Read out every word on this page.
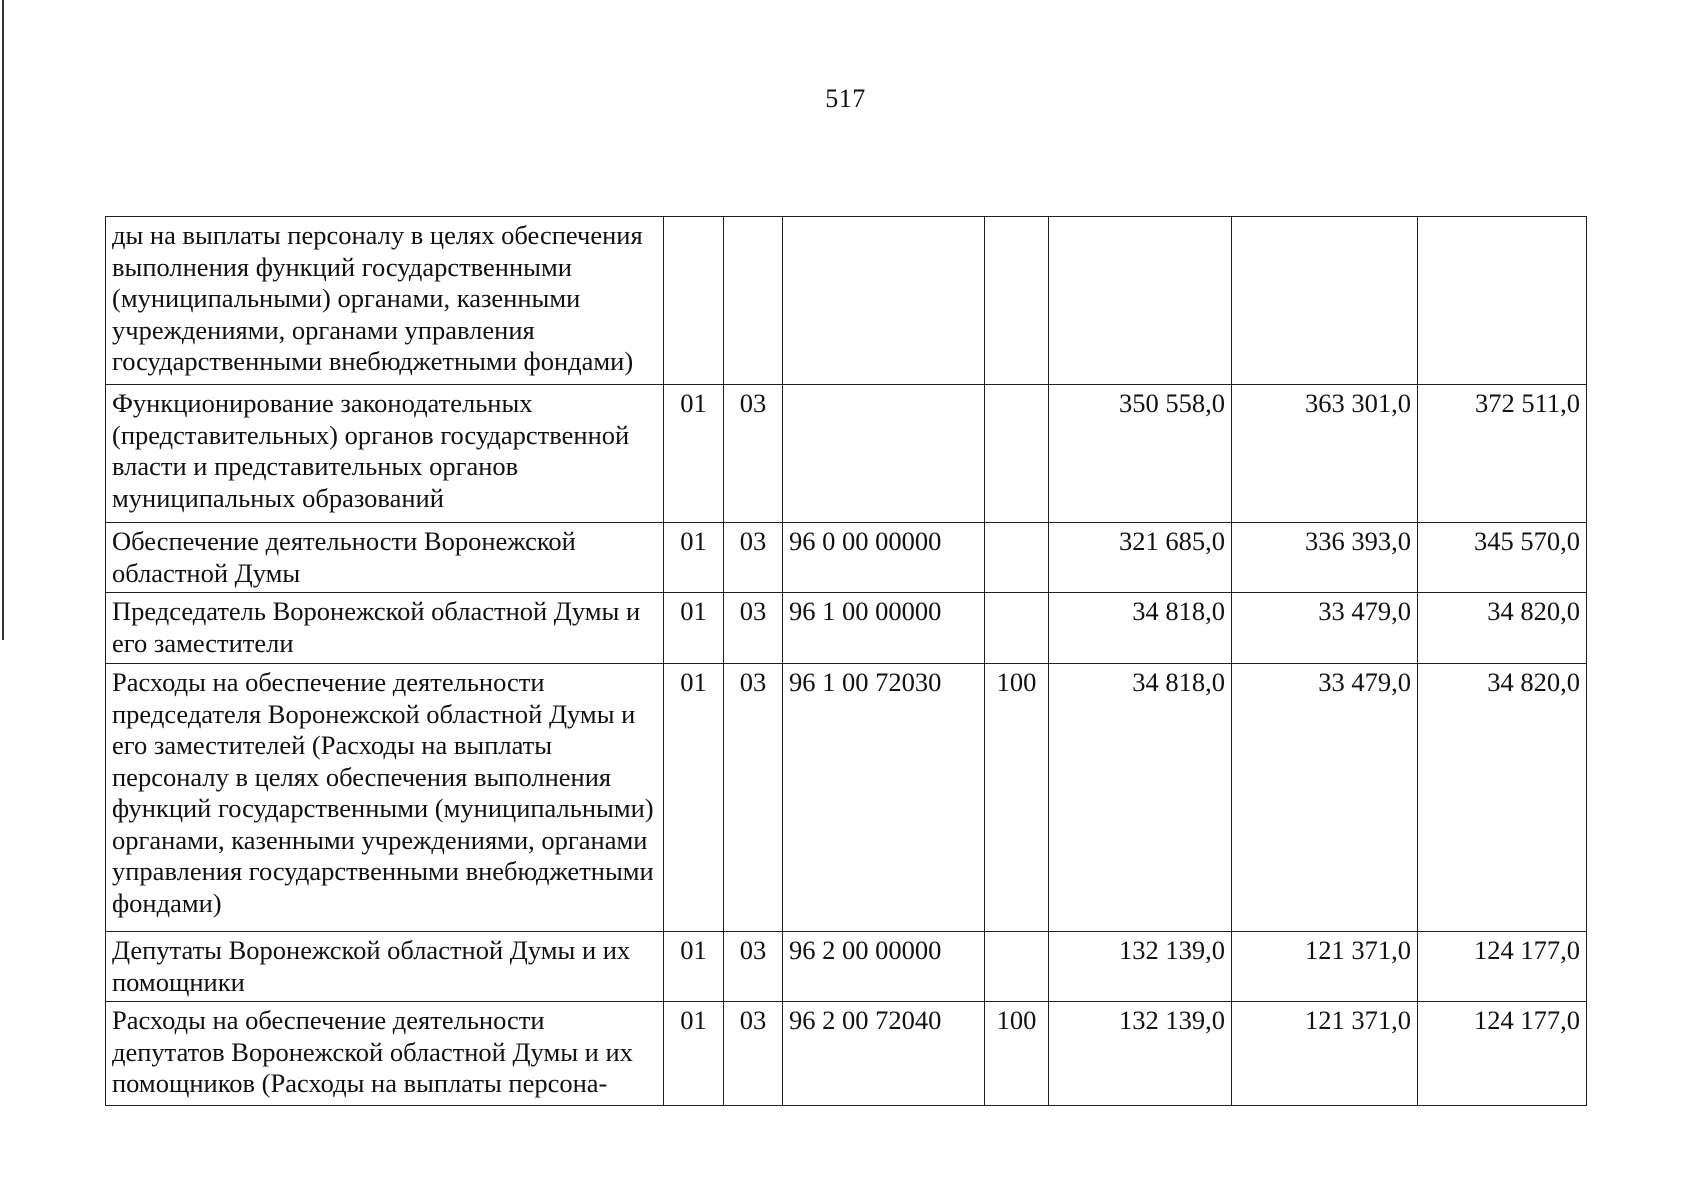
517
ды на выплаты персоналу в целях обеспечения выполнения функций государственными (муниципальными) органами, казенными учреждениями, органами управления государственными внебюджетными фондами)							
Функционирование законодательных (представительных) органов государственной власти и представительных органов муниципальных образований	01	03			350 558,0	363 301,0	372 511,0
Обеспечение деятельности Воронежской областной Думы	01	03	96 0 00 00000		321 685,0	336 393,0	345 570,0
Председатель Воронежской областной Думы и его заместители	01	03	96 1 00 00000		34 818,0	33 479,0	34 820,0
Расходы на обеспечение деятельности председателя Воронежской областной Думы и его заместителей (Расходы на выплаты персоналу в целях обеспечения выполнения функций государственными (муниципальными) органами, казенными учреждениями, органами управления государственными внебюджетными фондами)	01	03	96 1 00 72030	100	34 818,0	33 479,0	34 820,0
Депутаты Воронежской областной Думы и их помощники	01	03	96 2 00 00000		132 139,0	121 371,0	124 177,0
Расходы на обеспечение деятельности депутатов Воронежской областной Думы и их помощников (Расходы на выплаты персона-	01	03	96 2 00 72040	100	132 139,0	121 371,0	124 177,0
